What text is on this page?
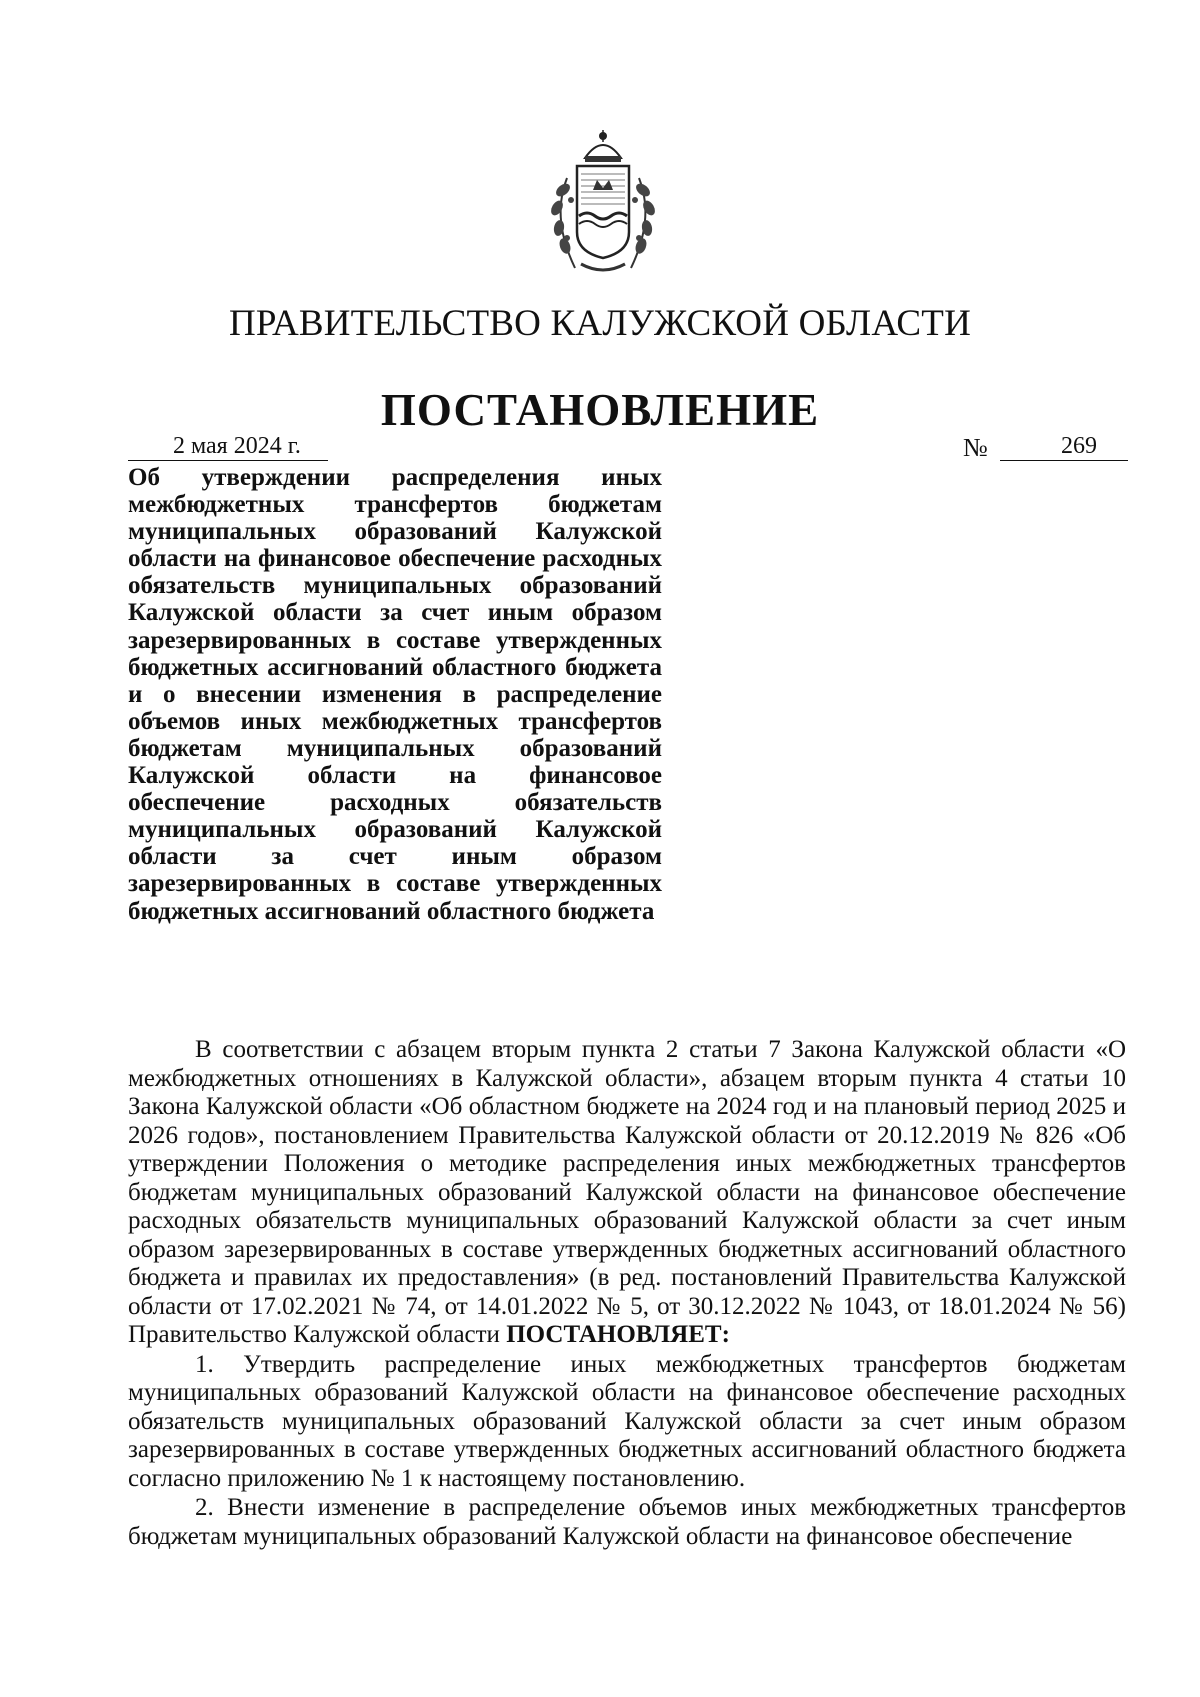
ПРАВИТЕЛЬСТВО КАЛУЖСКОЙ ОБЛАСТИ
ПОСТАНОВЛЕНИЕ
2 мая 2024 г.	№	269
Об утверждении распределения иных межбюджетных трансфертов бюджетам муниципальных образований Калужской области на финансовое обеспечение расходных обязательств муниципальных образований Калужской области за счет иным образом зарезервированных в составе утвержденных бюджетных ассигнований областного бюджета и о внесении изменения в распределение объемов иных межбюджетных трансфертов бюджетам муниципальных образований Калужской области на финансовое обеспечение расходных обязательств муниципальных образований Калужской области за счет иным образом зарезервированных в составе утвержденных бюджетных ассигнований областного бюджета

В соответствии с абзацем вторым пункта 2 статьи 7 Закона Калужской области «О межбюджетных отношениях в Калужской области», абзацем вторым пункта 4 статьи 10 Закона Калужской области «Об областном бюджете на 2024 год и на плановый период 2025 и 2026 годов», постановлением Правительства Калужской области от 20.12.2019 № 826 «Об утверждении Положения о методике распределения иных межбюджетных трансфертов бюджетам муниципальных образований Калужской области на финансовое обеспечение расходных обязательств муниципальных образований Калужской области за счет иным образом зарезервированных в составе утвержденных бюджетных ассигнований областного бюджета и правилах их предоставления» (в ред. постановлений Правительства Калужской области от 17.02.2021 № 74, от 14.01.2022 № 5, от 30.12.2022 № 1043, от 18.01.2024 № 56) Правительство Калужской области ПОСТАНОВЛЯЕТ:

1. Утвердить распределение иных межбюджетных трансфертов бюджетам муниципальных образований Калужской области на финансовое обеспечение расходных обязательств муниципальных образований Калужской области за счет иным образом зарезервированных в составе утвержденных бюджетных ассигнований областного бюджета согласно приложению № 1 к настоящему постановлению.

2. Внести изменение в распределение объемов иных межбюджетных трансфертов бюджетам муниципальных образований Калужской области на финансовое обеспечение
